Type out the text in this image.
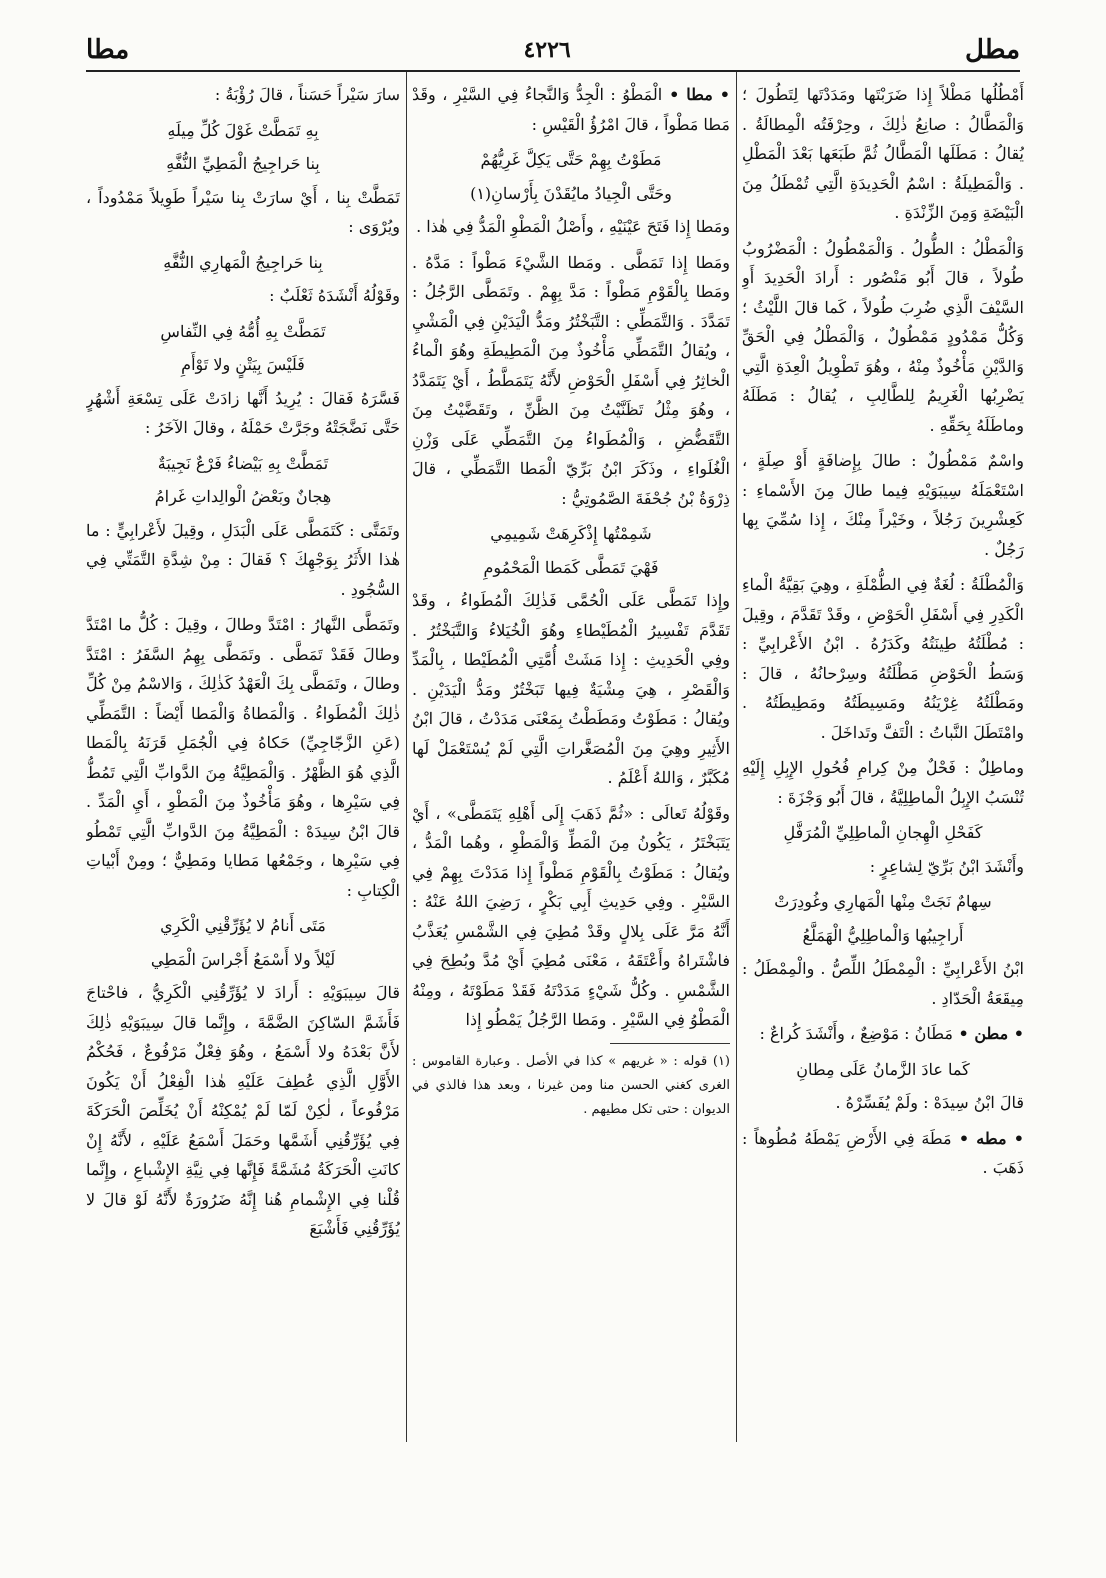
مطل
٤٢٢٦
مطا
أَمْطُلُها مَطْلاً إِذا ضَرَبْتَها ومَدَدْتَها لِتَطُولَ ؛ وَالْمَطَّالُ : صانِعُ ذٰلِكَ ، وحِرْفَتُه الْمِطالَةُ . يُقالُ : مَطَلَها الْمَطَّالُ ثُمَّ طَبَعَها بَعْدَ الْمَطْلِ . وَالْمَطِيلَةُ : اسْمُ الْحَدِيدَةِ الَّتِي تُمْطَلُ مِنَ الْبَيْضَةِ وَمِنَ الزِّنْدَةِ .
وَالْمَطْلُ : الطُّولُ . وَالْمَمْطُولُ : الْمَضْرُوبُ طُولاً ، قالَ أَبُو مَنْصُور : أَرادَ الْحَدِيدَ أَوِ السَّيْفَ الَّذِي ضُرِبَ طُولاً ، كَما قالَ اللَّيْثُ ؛ وَكُلُّ مَمْدُودٍ مَمْطُولٌ ، وَالْمَطْلُ فِي الْحَقِّ وَالدَّيْنِ مَأْخُوذٌ مِنْهُ ، وهُوَ تَطْوِيلُ الْعِدَةِ الَّتِي يَضْرِبُها الْغَرِيمُ لِلطَّالِبِ ، يُقالُ : مَطَلَهُ وماطَلَهُ بِحَقِّهِ .
واسْمٌ مَمْطُولٌ : طالَ بِإِضافَةٍ أَوْ صِلَةٍ ، اسْتَعْمَلَهُ سِيبَوَيْهِ فِيما طالَ مِنَ الأَسْماءِ : كَعِشْرِينَ رَجُلاً ، وخَيْراً مِنْكَ ، إِذا سُمِّيَ بِها رَجُلٌ .
وَالْمُطْلَةُ : لُغَةٌ فِي الطُّمْلَةِ ، وهِيَ بَقِيَّةُ الْماءِ الْكَدِرِ فِي أَسْفَلِ الْحَوْضِ ، وقَدْ تَقَدَّمَ ، وقِيلَ : مُطْلَتُهُ طِينَتُهُ وكَدَرُهُ . ابْنُ الأَعْرابِيِّ : وَسَطُ الْحَوْضِ مَطْلَتُهُ وسِرْحانُهُ ، قالَ : ومَطْلَتُهُ غِرْيَنُهُ ومَسِيطَتُهُ ومَطِيطَتُهُ . وامْتَطَلَ النَّباتُ : الْتَفَّ وتَداخَلَ .
وماطِلٌ : فَحْلٌ مِنْ كِرامِ فُحُولِ الإِبِلِ إِلَيْهِ تُنْسَبُ الإِبِلُ الْماطِلِيَّةُ ، قالَ أَبُو وَجْزَةَ :
كَفَحْلِ الْهِجانِ الْماطِلِيِّ الْمُرَفَّلِ
وأَنْشَدَ ابْنُ بَرِّيّ لِشاعِرٍ :
سِهامٌ نَجَتْ مِنْها الْمَهارِي وغُودِرَتْ
أَراجِيبُها وَالْماطِلِيُّ الْهَمَلَّعُ
ابْنُ الأَعْرابِيِّ : الْمِمْطَلُ اللِّصُّ . والْمِمْطَلُ : مِيقَعَةُ الْحَدّادِ .
• مطن • مَطَانُ : مَوْضِعٌ ، وأَنْشَدَ كُراعٌ :
كَما عادَ الزَّمانُ عَلَى مِطانِ
قالَ ابْنُ سِيدَهْ : ولَمْ يُفَسِّرْهُ .
• مطه • مَطَهَ فِي الأَرْضِ يَمْطَهُ مُطُوهاً : ذَهَبَ .
• مطا • الْمَطْوُ : الْجِدُّ وَالنَّجاءُ فِي السَّيْرِ ، وقَدْ مَطا مَطْواً ، قالَ امْرُؤُ الْقَيْسِ :
مَطَوْتُ بِهِمْ حَتَّى يَكِلَّ غَرِيُّهُمْ
وحَتَّى الْجِيادُ مايُقَدْنَ بِأَرْسانِ(١)
ومَطا إِذا فَتَحَ عَيْنَيْهِ ، وأَصْلُ الْمَطْوِ الْمَدُّ فِي هٰذا .
ومَطا إِذا تَمَطَّى . ومَطا الشَّيْءَ مَطْواً : مَدَّهُ . ومَطا بِالْقَوْمِ مَطْواً : مَدَّ بِهِمْ . وتَمَطَّى الرَّجُلُ : تَمَدَّدَ . وَالتَّمَطِّي : التَّبَخْتُرُ ومَدُّ الْيَدَيْنِ فِي الْمَشْيِ ، ويُقالُ التَّمَطِّي مَأْخُوذٌ مِنَ الْمَطِيطَةِ وهُوَ الْماءُ الْخاثِرُ فِي أَسْفَلِ الْحَوْضِ لأَنَّهُ يَتَمَطَّطُ ، أَيْ يَتَمَدَّدُ ، وهُوَ مِثْلُ تَظَنَّيْتُ مِنَ الظَّنِّ ، وتَقَضَّيْتُ مِنَ التَّقَضُّضِ ، وَالْمُطَواءُ مِنَ التَّمَطِّي عَلَى وَزْنِ الْغُلَواءِ ، وذَكَرَ ابْنُ بَرِّيّ الْمَطا التَّمَطِّي ، قالَ ذِرْوَةُ بْنُ جُحْفَةَ الصَّمُوتِيُّ :
شَمِمْتُها إِذْكَرِهَتْ شَمِيمِي
فَهْيَ تَمَطَّى كَمَطا الْمَحْمُومِ
وإِذا تَمَطَّى عَلَى الْحُمَّى فَذٰلِكَ الْمُطَواءُ ، وقَدْ تَقَدَّمَ تَفْسِيرُ الْمُطَيْطاءِ وهُوَ الْخُيَلاءُ وَالتَّبَخْتُرُ . وفِي الْحَدِيثِ : إِذا مَشَتْ أُمَّتِي الْمُطَيْطا ، بِالْمَدِّ وَالْقَصْرِ ، هِيَ مِشْيَةٌ فِيها تَبَخْتُرٌ ومَدُّ الْيَدَيْنِ . ويُقالُ : مَطَوْتُ ومَطَطْتُ بِمَعْنَى مَدَدْتُ ، قالَ ابْنُ الأَثِيرِ وهِيَ مِنَ الْمُصَغَّراتِ الَّتِي لَمْ يُسْتَعْمَلْ لَها مُكَبَّرٌ ، وَاللهُ أَعْلَمُ .
وقَوْلُهُ تَعالَى : «ثُمَّ ذَهَبَ إِلَى أَهْلِهِ يَتَمَطَّى» ، أَيْ يَتَبَخْتَرُ ، يَكُونُ مِنَ الْمَطِّ وَالْمَطْوِ ، وهُما الْمَدُّ ، ويُقالُ : مَطَوْتُ بِالْقَوْمِ مَطْواً إِذا مَدَدْتَ بِهِمْ فِي السَّيْرِ . وفِي حَدِيثِ أَبِي بَكْرٍ ، رَضِيَ اللهُ عَنْهُ : أَنَّهُ مَرَّ عَلَى بِلالٍ وقَدْ مُطِيَ فِي الشَّمْسِ يُعَذَّبُ فاشْتَراهُ وأَعْتَقَهُ ، مَعْنَى مُطِيَ أَيْ مُدَّ وبُطِحَ فِي الشَّمْسِ . وكُلُّ شَيْءٍ مَدَدْتَهُ فَقَدْ مَطَوْتَهُ ، ومِنْهُ الْمَطْوُ فِي السَّيْرِ . ومَطا الرَّجُلُ يَمْطُو إِذا
(١) قوله : « غريهم » كذا في الأصل . وعبارة القاموس : الغرى كغني الحسن منا ومن غيرنا ، وبعد هذا فالذي في الديوان : حتى تكل مطيهم .
سارَ سَيْراً حَسَناً ، قالَ رُؤْبَةُ :
بِهِ تَمَطَّتْ غَوْلَ كُلِّ مِيلَهِ
بِنا حَراجِيجُ الْمَطِيِّ النُّفَّهِ
تَمَطَّتْ بِنا ، أَيْ سارَتْ بِنا سَيْراً طَوِيلاً مَمْدُوداً ، ويُرْوَى :
بِنا حَراجِيجُ الْمَهارِي النُّفَّهِ
وقَوْلُهُ أَنْشَدَهُ ثَعْلَبٌ :
تَمَطَّتْ بِهِ أُمُّهُ فِي النِّفاسِ
فَلَيْسَ بِيَتْنٍ ولا تَوْأَمِ
فَسَّرَهُ فَقالَ : يُرِيدُ أَنَّها زادَتْ عَلَى تِسْعَةِ أَشْهُرٍ حَتَّى نَضَّجَتْهُ وجَرَّتْ حَمْلَهُ ، وقالَ الآخَرُ :
تَمَطَّتْ بِهِ بَيْضاءُ فَرْعٌ نَجِيبَةٌ
هِجانٌ وبَعْضُ الْوالِداتِ غَرامُ
وتَمَتَّى : كَتَمَطَّى عَلَى الْبَدَلِ ، وقِيلَ لأَعْرابِيٍّ : ما هٰذا الأَثَرُ بِوَجْهِكَ ؟ فَقالَ : مِنْ شِدَّةِ التَّمَتِّي فِي السُّجُودِ .
وتَمَطَّى النَّهارُ : امْتَدَّ وطالَ ، وقِيلَ : كُلُّ ما امْتَدَّ وطالَ فَقَدْ تَمَطَّى . وتَمَطَّى بِهِمُ السَّفَرُ : امْتَدَّ وطالَ ، وتَمَطَّى بِكَ الْعَهْدُ كَذٰلِكَ ، وَالاسْمُ مِنْ كُلِّ ذٰلِكَ الْمُطَواءُ . وَالْمَطاةُ وَالْمَطا أَيْضاً : التَّمَطِّي (عَنِ الزَّجّاجِيِّ) حَكاهُ فِي الْجُمَلِ قَرَنَهُ بِالْمَطا الَّذِي هُوَ الظَّهْرُ . وَالْمَطِيَّةُ مِنَ الدَّوابِّ الَّتِي تَمُطُّ فِي سَيْرِها ، وهُوَ مَأْخُوذٌ مِنَ الْمَطْوِ ، أَيِ الْمَدِّ . قالَ ابْنُ سِيدَهْ : الْمَطِيَّةُ مِنَ الدَّوابِّ الَّتِي تَمْطُو فِي سَيْرِها ، وجَمْعُها مَطايا ومَطِيٌّ ؛ ومِنْ أَبْياتِ الْكِتابِ :
مَتَى أَنامُ لا يُؤَرِّقْنِي الْكَرِي
لَيْلاً ولا أَسْمَعُ أَجْراسَ الْمَطِي
قالَ سِيبَوَيْهِ : أَرادَ لا يُؤَرِّقُنِي الْكَرِيُّ ، فاحْتاجَ فَأَشَمَّ السّاكِنَ الضَّمَّةَ ، وإِنَّما قالَ سِيبَوَيْهِ ذٰلِكَ لأَنَّ بَعْدَهُ ولا أَسْمَعُ ، وهُوَ فِعْلٌ مَرْفُوعٌ ، فَحُكْمُ الأَوَّلِ الَّذِي عُطِفَ عَلَيْهِ هٰذا الْفِعْلُ أَنْ يَكُونَ مَرْفُوعاً ، لٰكِنْ لَمّا لَمْ يُمْكِنْهُ أَنْ يُخَلِّصَ الْحَرَكَةَ فِي يُؤَرِّقُنِي أَشَمَّها وحَمَلَ أَسْمَعُ عَلَيْهِ ، لأَنَّهُ إِنْ كانَتِ الْحَرَكَةُ مُشَمَّةً فَإِنَّها فِي نِيَّةِ الإِشْباعِ ، وإِنَّما قُلْنا فِي الإِشْمامِ هُنا إِنَّهُ ضَرُورَةٌ لأَنَّهُ لَوْ قالَ لا يُؤَرِّقُنِي فَأَشْبَعَ
